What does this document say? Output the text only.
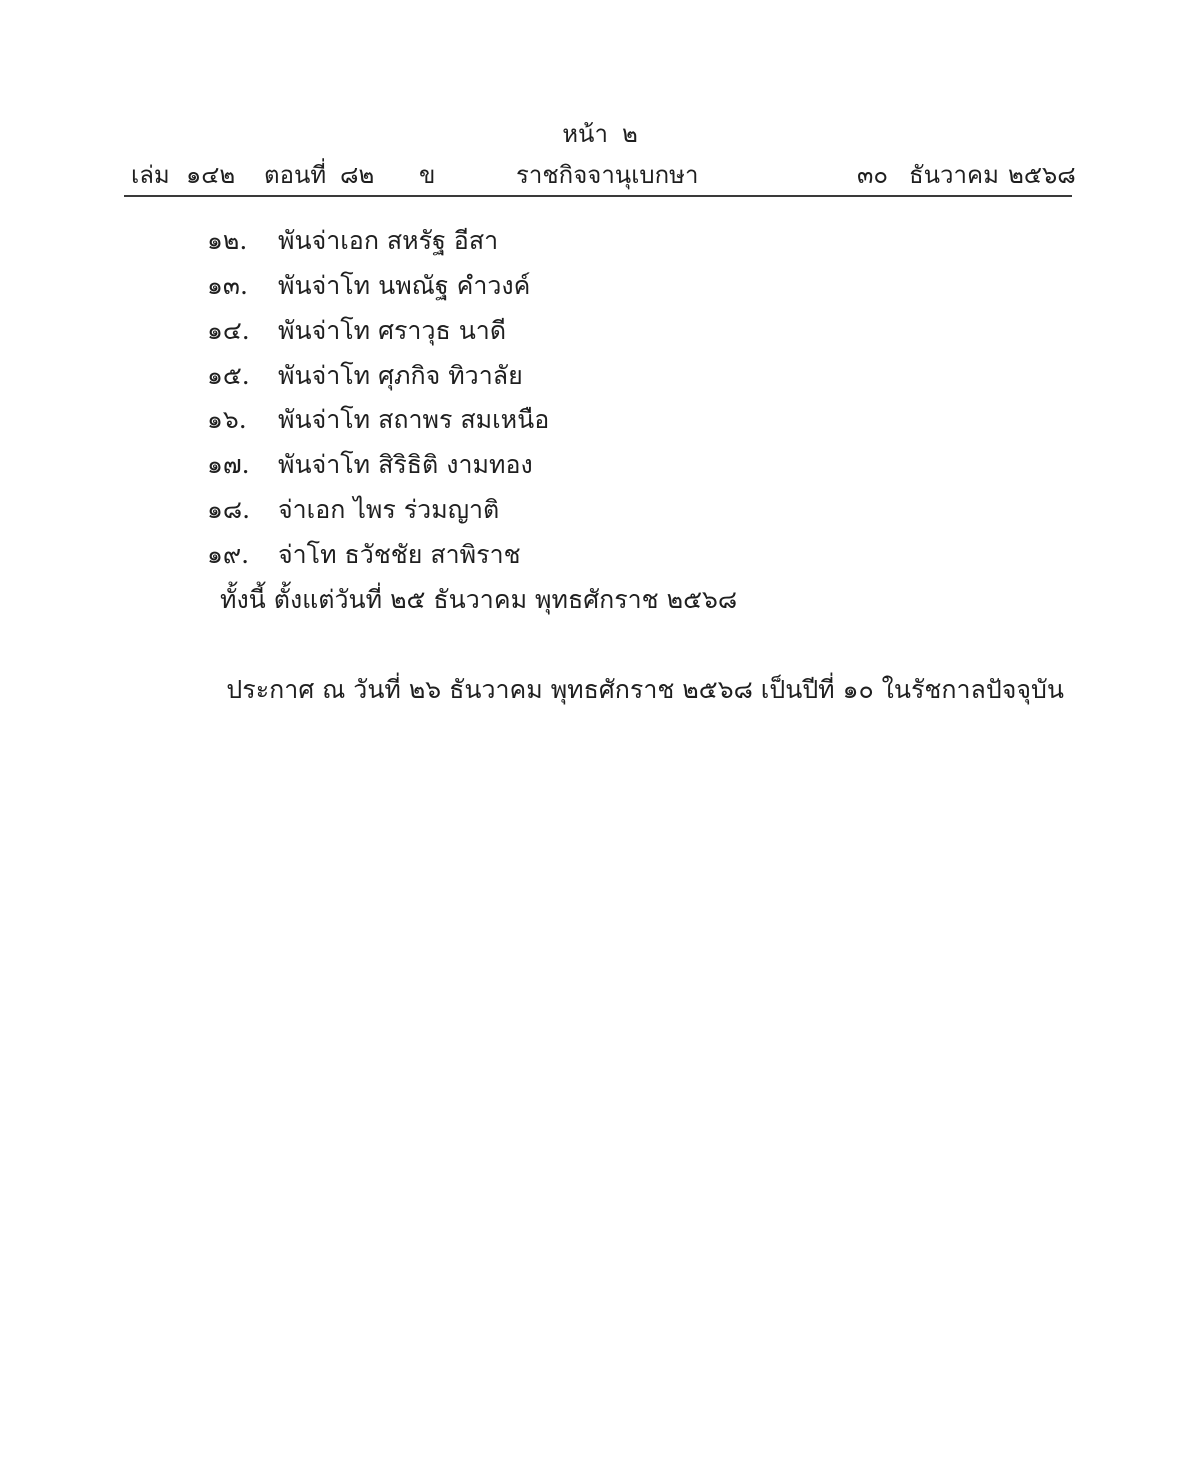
หน้า ๒
เล่ม ๑๔๒ ตอนที่ ๘๒ ข	ราชกิจจานุเบกษา	๓๐ ธันวาคม ๒๕๖๘
๑๒. พันจ่าเอก สหรัฐ อีสา
๑๓. พันจ่าโท นพณัฐ คำวงค์
๑๔. พันจ่าโท ศราวุธ นาดี
๑๕. พันจ่าโท ศุภกิจ ทิวาลัย
๑๖. พันจ่าโท สถาพร สมเหนือ
๑๗. พันจ่าโท สิริธิติ งามทอง
๑๘. จ่าเอก ไพร ร่วมญาติ
๑๙. จ่าโท ธวัชชัย สาพิราช
ทั้งนี้ ตั้งแต่วันที่ ๒๕ ธันวาคม พุทธศักราช ๒๕๖๘
ประกาศ ณ วันที่ ๒๖ ธันวาคม พุทธศักราช ๒๕๖๘ เป็นปีที่ ๑๐ ในรัชกาลปัจจุบัน
